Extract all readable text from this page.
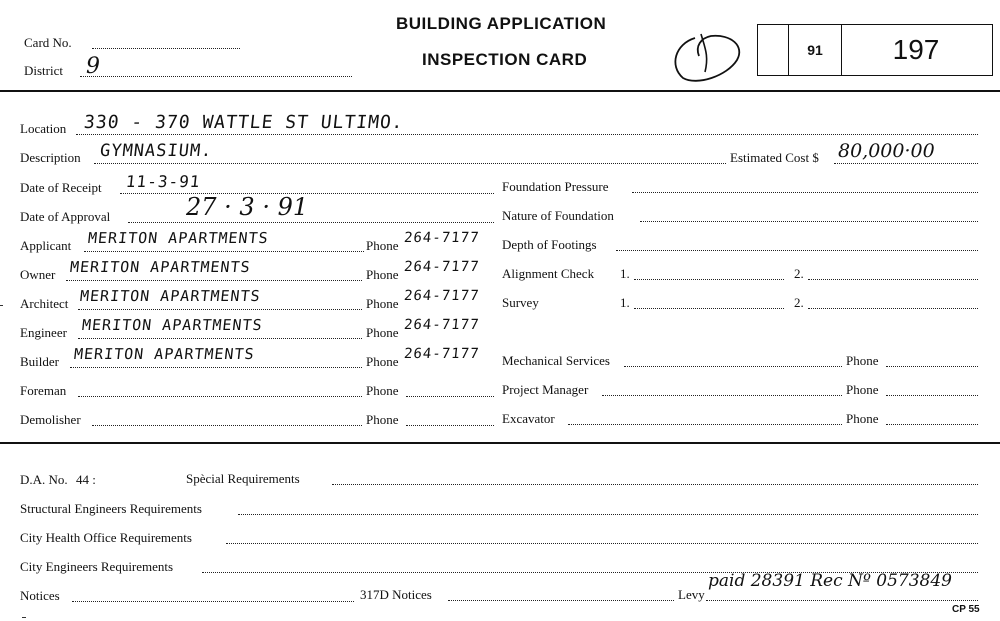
Card No.
District 9
BUILDING APPLICATION
INSPECTION CARD	91	197
Location 330 - 370 WATTLE ST ULTIMO.
Description GYMNASIUM.	Estimated Cost $ 80,000·00
Date of Receipt 11-3-91	Foundation Pressure
Date of Approval	27 · 3 · 91	Nature of Foundation
Applicant MERITON APARTMENTS	Phone 264-7177 Depth of Footings
Owner MERITON APARTMENTS	Phone 264-7177 Alignment Check 1.	2.
Architect MERITON APARTMENTS	Phone 264-7177 Survey	1.	2.
Engineer MERITON APARTMENTS	Phone 264-7177
Builder MERITON APARTMENTS	Phone 264-7177 Mechanical Services	Phone
Foreman	Phone	Project Manager	Phone
Demolisher	Phone	Excavator	Phone
D.A. No. 44 :	Spècial Requirements
Structural Engineers Requirements
City Health Office Requirements
City Engineers Requirements
Notices	317D Notices	Levy
paid 28391 Rec Nº 0573849
CP 55
